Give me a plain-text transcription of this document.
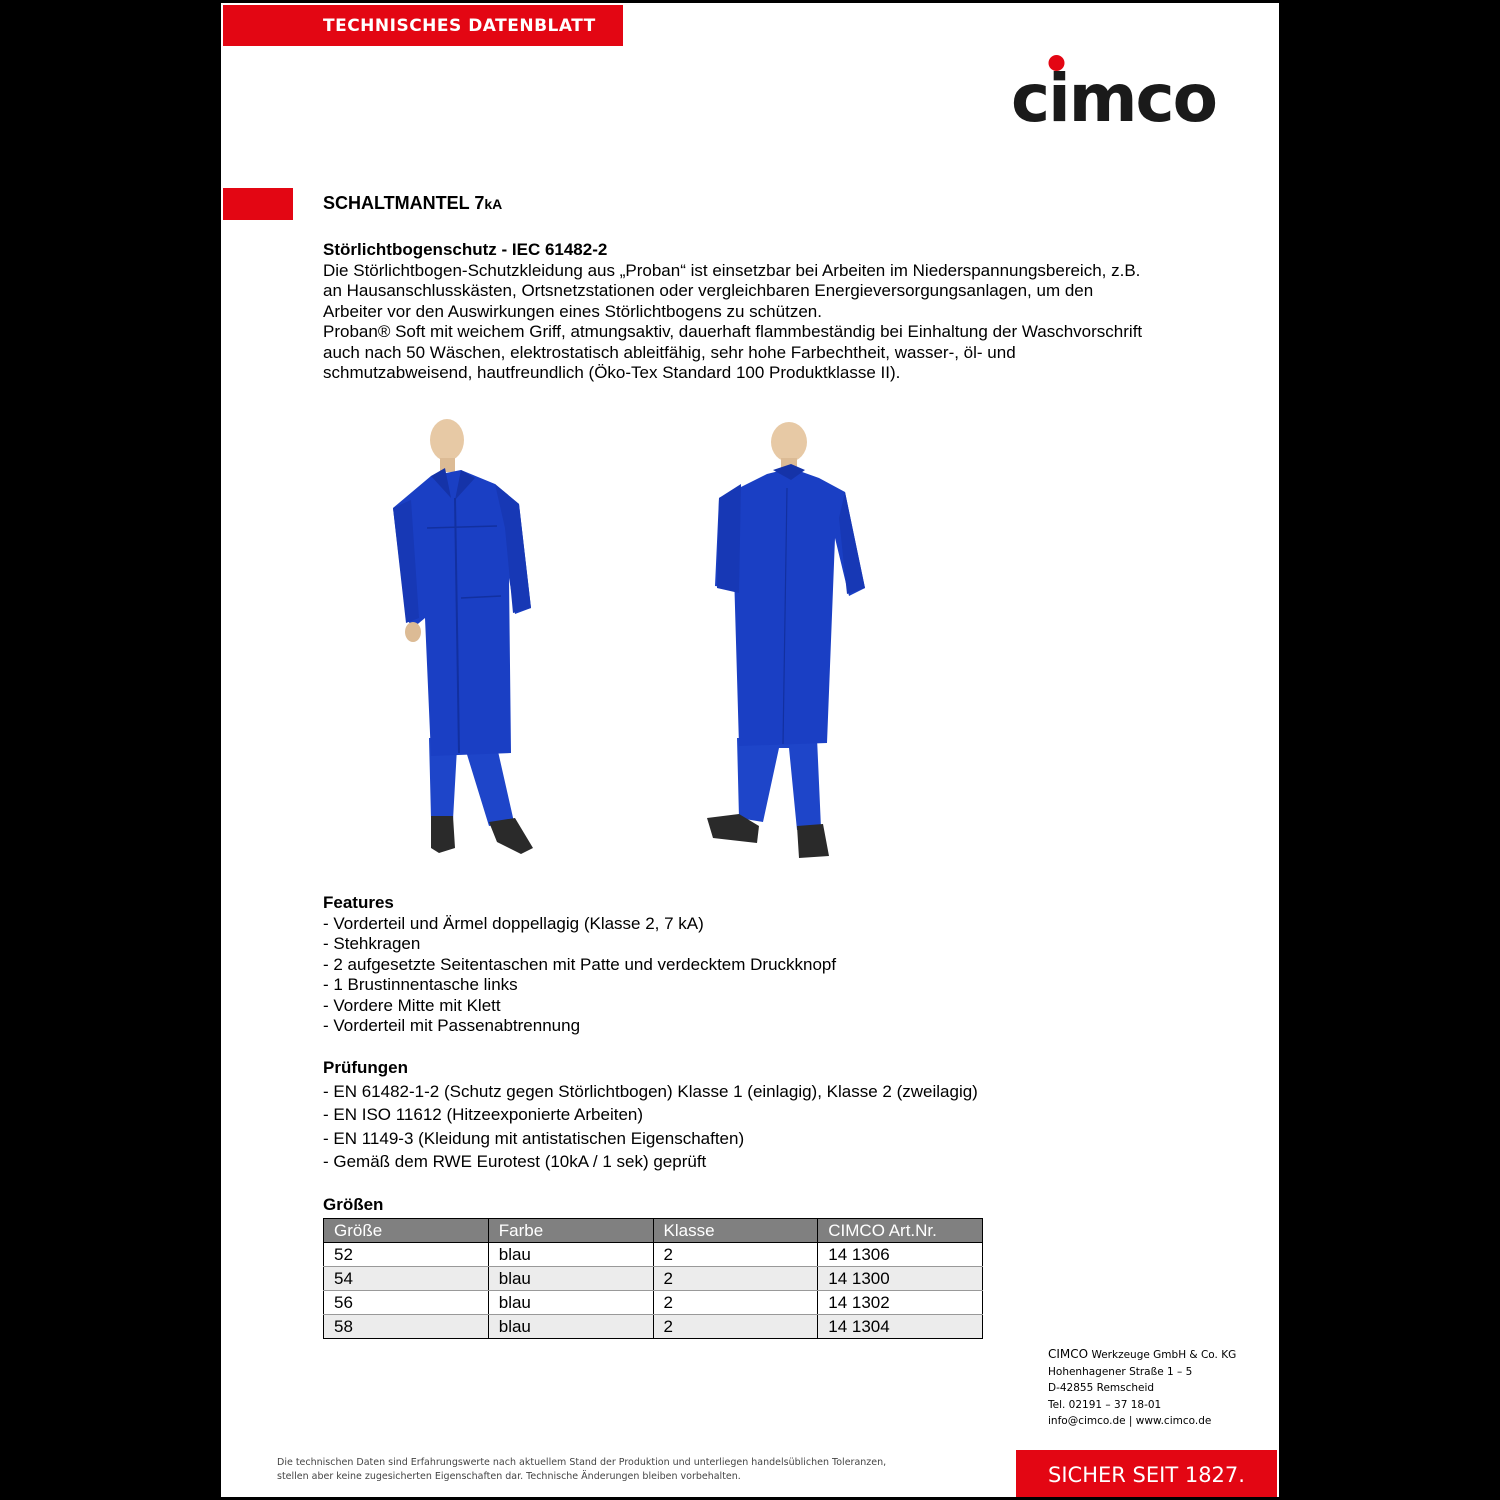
TECHNISCHES DATENBLATT
cimco
SCHALTMANTEL 7kA
Störlichtbogenschutz - IEC 61482-2
Die Störlichtbogen-Schutzkleidung aus „Proban“ ist einsetzbar bei Arbeiten im Niederspannungsbereich, z.B. an Hausanschlusskästen, Ortsnetzstationen oder vergleichbaren Energieversorgungsanlagen, um den Arbeiter vor den Auswirkungen eines Störlichtbogens zu schützen.
Proban® Soft mit weichem Griff, atmungsaktiv, dauerhaft flammbeständig bei Einhaltung der Waschvorschrift auch nach 50 Wäschen, elektrostatisch ableitfähig, sehr hohe Farbechtheit, wasser-, öl- und schmutzabweisend, hautfreundlich (Öko-Tex Standard 100 Produktklasse II).
Features
- Vorderteil und Ärmel doppellagig (Klasse 2, 7 kA)
- Stehkragen
- 2 aufgesetzte Seitentaschen mit Patte und verdecktem Druckknopf
- 1 Brustinnentasche links
- Vordere Mitte mit Klett
- Vorderteil mit Passenabtrennung
Prüfungen
- EN 61482-1-2 (Schutz gegen Störlichtbogen) Klasse 1 (einlagig), Klasse 2 (zweilagig)
- EN ISO 11612 (Hitzeexponierte Arbeiten)
- EN 1149-3 (Kleidung mit antistatischen Eigenschaften)
- Gemäß dem RWE Eurotest (10kA / 1 sek) geprüft
Größen
Größe	Farbe	Klasse	CIMCO Art.Nr.
52	blau	2	14 1306
54	blau	2	14 1300
56	blau	2	14 1302
58	blau	2	14 1304
CIMCO Werkzeuge GmbH & Co. KG
Hohenhagener Straße 1 – 5
D-42855 Remscheid
Tel. 02191 – 37 18-01
info@cimco.de | www.cimco.de
Die technischen Daten sind Erfahrungswerte nach aktuellem Stand der Produktion und unterliegen handelsüblichen Toleranzen,
stellen aber keine zugesicherten Eigenschaften dar. Technische Änderungen bleiben vorbehalten.	SICHER SEIT 1827.
